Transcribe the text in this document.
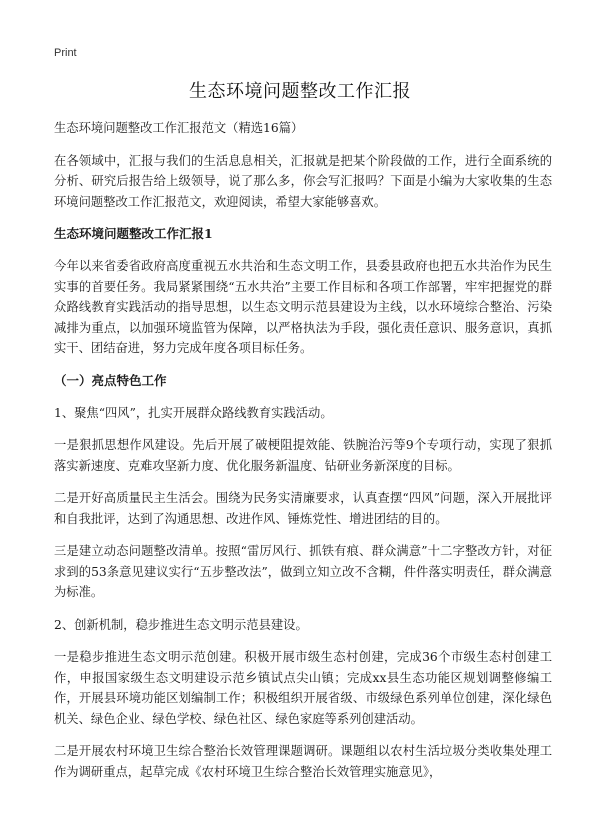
Print
生态环境问题整改工作汇报

生态环境问题整改工作汇报范文（精选16篇）

在各领域中，汇报与我们的生活息息相关，汇报就是把某个阶段做的工作，进行全面系统的分析、研究后报告给上级领导，说了那么多，你会写汇报吗？下面是小编为大家收集的生态环境问题整改工作汇报范文，欢迎阅读，希望大家能够喜欢。

生态环境问题整改工作汇报1

今年以来省委省政府高度重视五水共治和生态文明工作，县委县政府也把五水共治作为民生实事的首要任务。我局紧紧围绕“五水共治”主要工作目标和各项工作部署，牢牢把握党的群众路线教育实践活动的指导思想，以生态文明示范县建设为主线，以水环境综合整治、污染减排为重点，以加强环境监管为保障，以严格执法为手段，强化责任意识、服务意识，真抓实干、团结奋进，努力完成年度各项目标任务。

（一）亮点特色工作

1、聚焦“四风”，扎实开展群众路线教育实践活动。

一是狠抓思想作风建设。先后开展了破梗阻提效能、铁腕治污等9个专项行动，实现了狠抓落实新速度、克难攻坚新力度、优化服务新温度、钻研业务新深度的目标。

二是开好高质量民主生活会。围绕为民务实清廉要求，认真查摆“四风”问题，深入开展批评和自我批评，达到了沟通思想、改进作风、锤炼党性、增进团结的目的。

三是建立动态问题整改清单。按照“雷厉风行、抓铁有痕、群众满意”十二字整改方针，对征求到的53条意见建议实行“五步整改法”，做到立知立改不含糊，件件落实明责任，群众满意为标准。

2、创新机制，稳步推进生态文明示范县建设。

一是稳步推进生态文明示范创建。积极开展市级生态村创建，完成36个市级生态村创建工作，申报国家级生态文明建设示范乡镇试点尖山镇；完成xx县生态功能区规划调整修编工作，开展县环境功能区划编制工作；积极组织开展省级、市级绿色系列单位创建，深化绿色机关、绿色企业、绿色学校、绿色社区、绿色家庭等系列创建活动。

二是开展农村环境卫生综合整治长效管理课题调研。课题组以农村生活垃圾分类收集处理工作为调研重点，起草完成《农村环境卫生综合整治长效管理实施意见》，
